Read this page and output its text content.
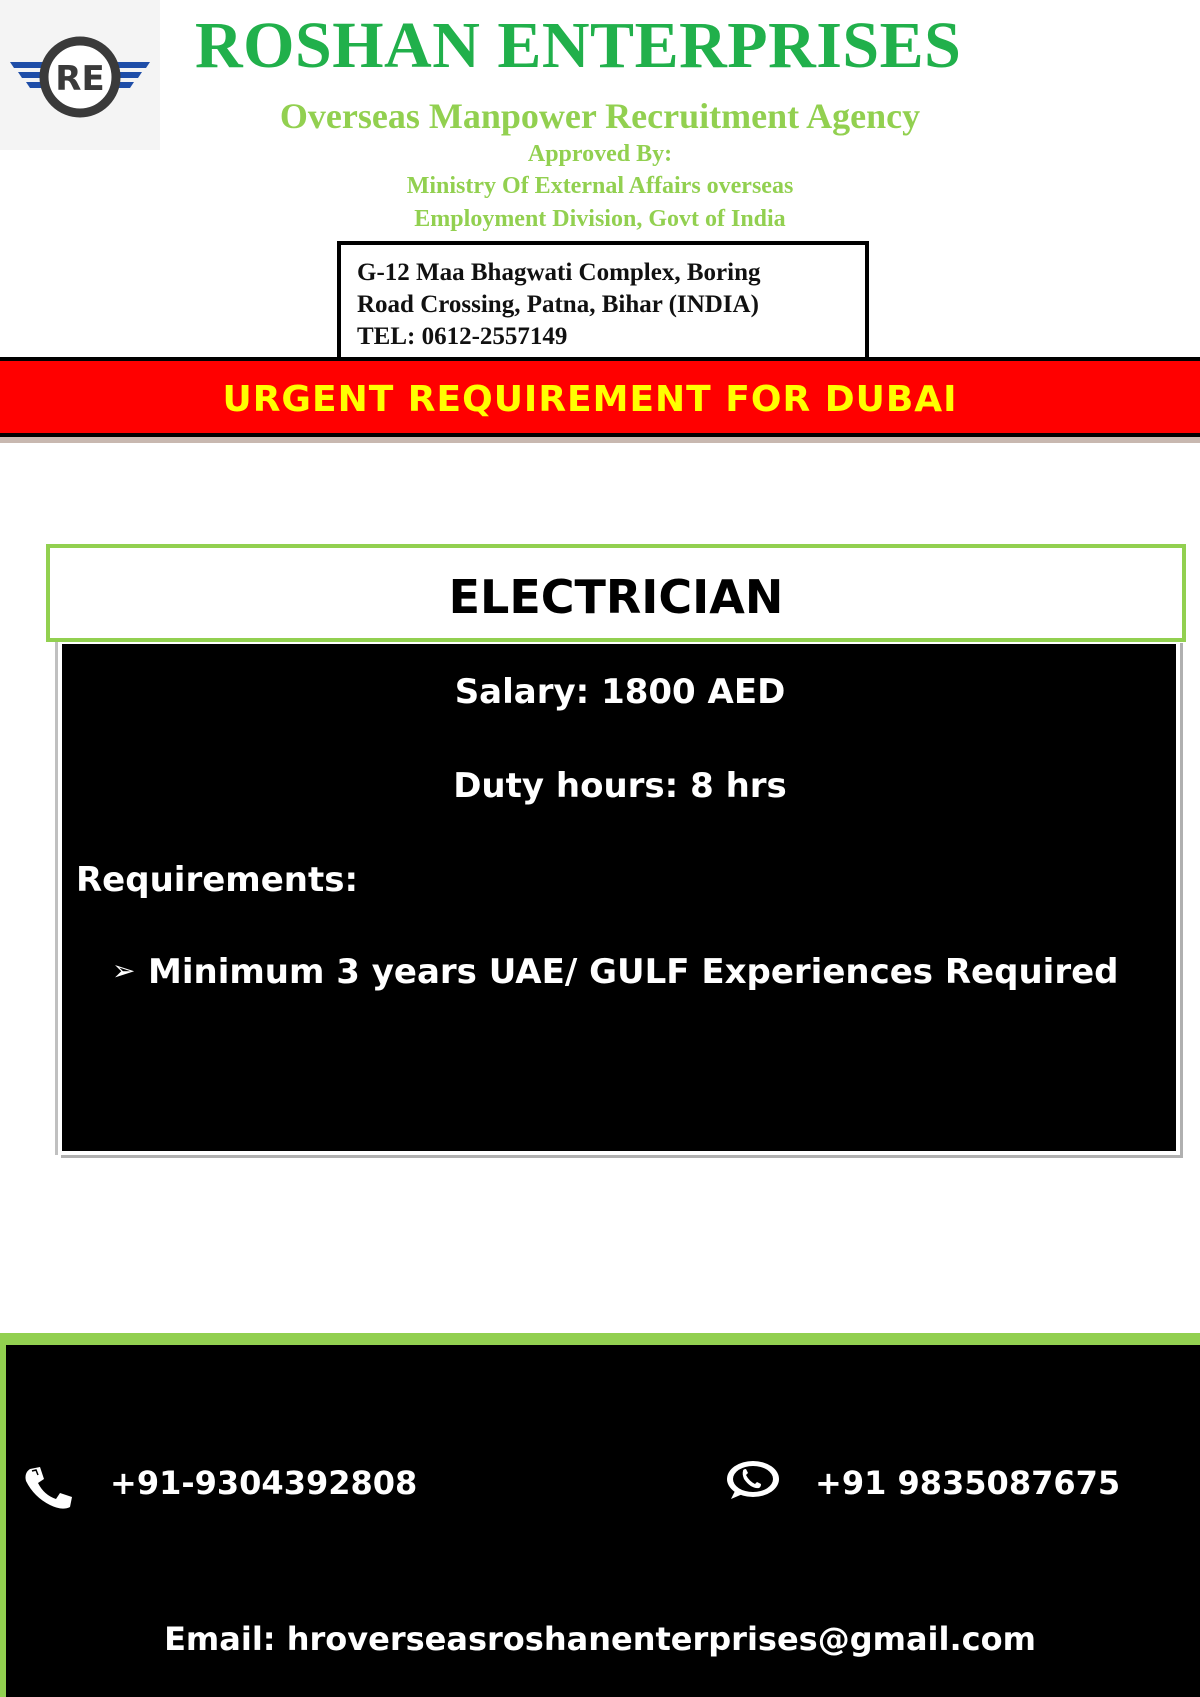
RE ROSHAN ENTERPRISES
Overseas Manpower Recruitment Agency
Approved By:
Ministry Of External Affairs overseas
Employment Division, Govt of India
G-12 Maa Bhagwati Complex, Boring
Road Crossing, Patna, Bihar (INDIA)
TEL: 0612-2557149
URGENT REQUIREMENT FOR DUBAI
ELECTRICIAN
Salary: 1800 AED
Duty hours: 8 hrs
Requirements:
➢ Minimum 3 years UAE/ GULF Experiences Required
+91-9304392808	+91 9835087675
Email: hroverseasroshanenterprises@gmail.com
